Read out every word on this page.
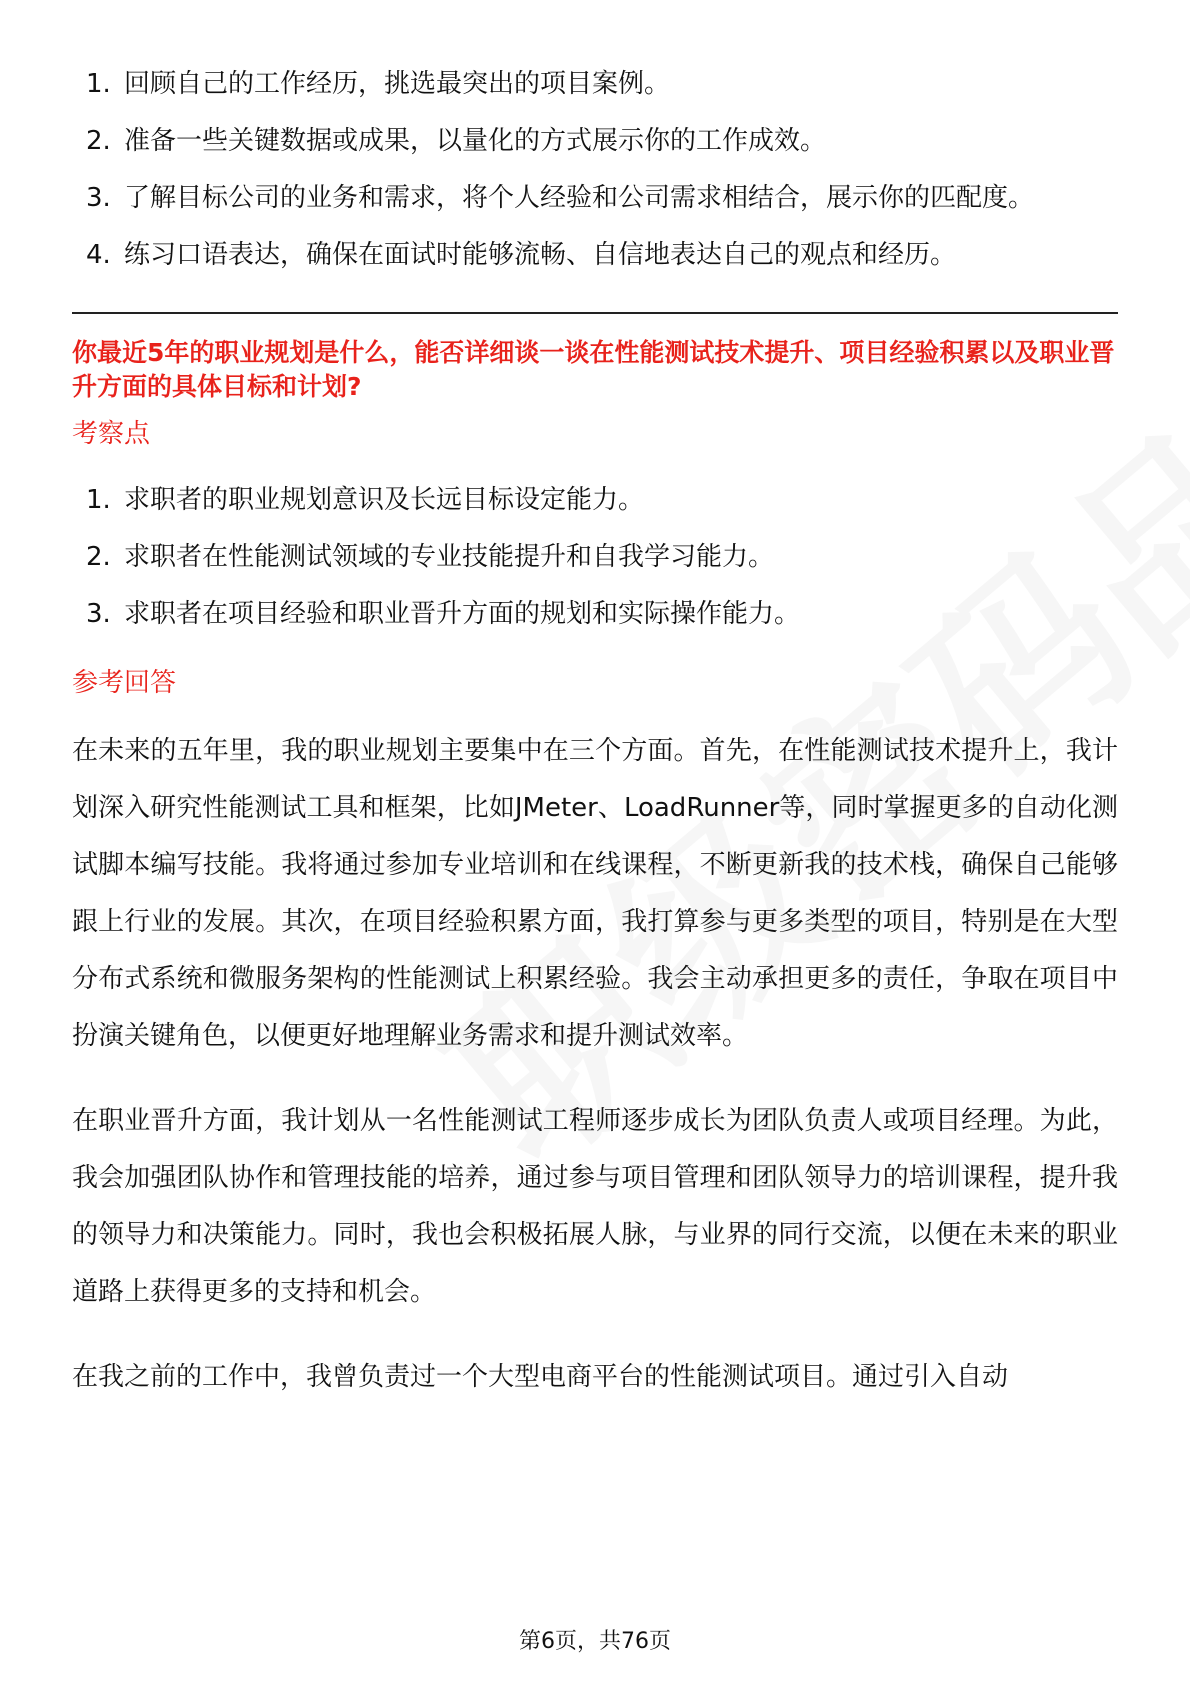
1. 回顾自己的工作经历，挑选最突出的项目案例。
2. 准备一些关键数据或成果，以量化的方式展示你的工作成效。
3. 了解目标公司的业务和需求，将个人经验和公司需求相结合，展示你的匹配度。
4. 练习口语表达，确保在面试时能够流畅、自信地表达自己的观点和经历。
你最近5年的职业规划是什么，能否详细谈一谈在性能测试技术提升、项目经验积累以及职业晋升方面的具体目标和计划?
考察点
1. 求职者的职业规划意识及长远目标设定能力。
2. 求职者在性能测试领域的专业技能提升和自我学习能力。
3. 求职者在项目经验和职业晋升方面的规划和实际操作能力。
参考回答

在未来的五年里，我的职业规划主要集中在三个方面。首先，在性能测试技术提升上，我计划深入研究性能测试工具和框架，比如JMeter、LoadRunner等，同时掌握更多的自动化测试脚本编写技能。我将通过参加专业培训和在线课程，不断更新我的技术栈，确保自己能够跟上行业的发展。其次，在项目经验积累方面，我打算参与更多类型的项目，特别是在大型分布式系统和微服务架构的性能测试上积累经验。我会主动承担更多的责任，争取在项目中扮演关键角色，以便更好地理解业务需求和提升测试效率。

在职业晋升方面，我计划从一名性能测试工程师逐步成长为团队负责人或项目经理。为此，我会加强团队协作和管理技能的培养，通过参与项目管理和团队领导力的培训课程，提升我的领导力和决策能力。同时，我也会积极拓展人脉，与业界的同行交流，以便在未来的职业道路上获得更多的支持和机会。

在我之前的工作中，我曾负责过一个大型电商平台的性能测试项目。通过引入自动

第6页，共76页
